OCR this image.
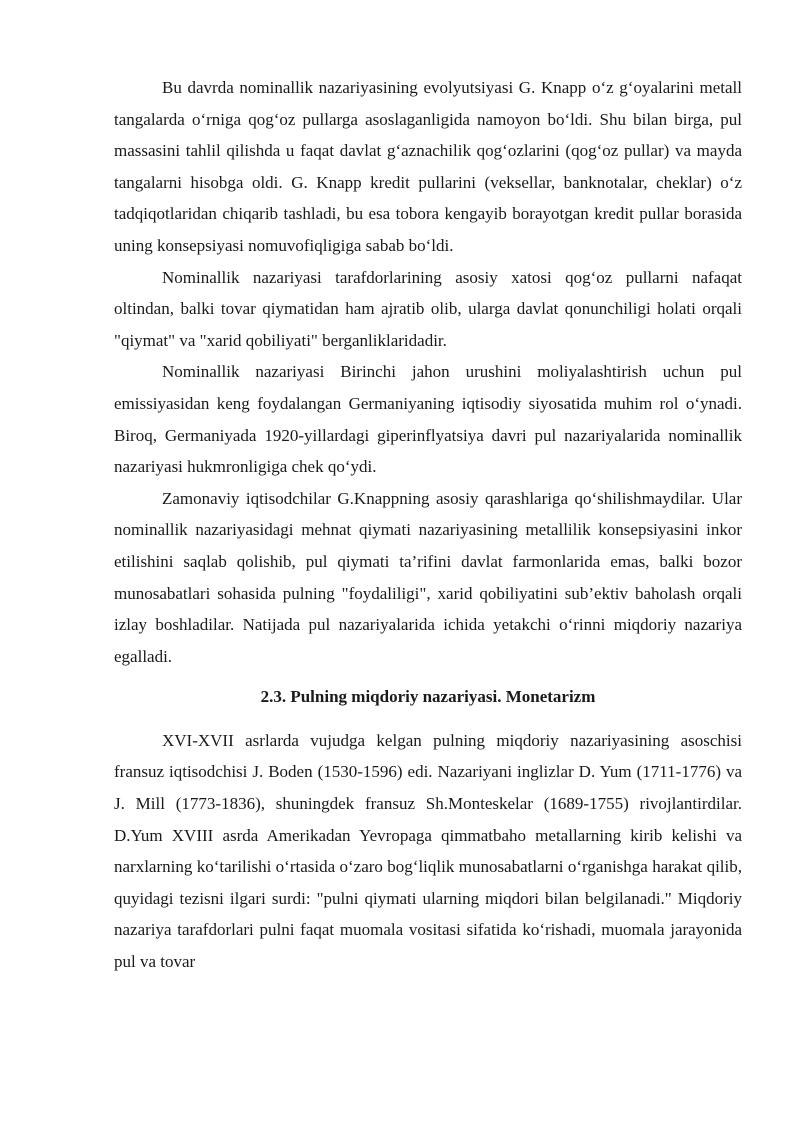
Bu davrda nominallik nazariyasining evolyutsiyasi G. Knapp o‘z g‘oyalarini metall tangalarda o‘rniga qog‘oz pullarga asoslaganligida namoyon bo‘ldi. Shu bilan birga, pul massasini tahlil qilishda u faqat davlat g‘aznachilik qog‘ozlarini (qog‘oz pullar) va mayda tangalarni hisobga oldi. G. Knapp kredit pullarini (veksellar, banknotalar, cheklar) o‘z tadqiqotlaridan chiqarib tashladi, bu esa tobora kengayib borayotgan kredit pullar borasida uning konsepsiyasi nomuvofiqligiga sabab bo‘ldi.

Nominallik nazariyasi tarafdorlarining asosiy xatosi qog‘oz pullarni nafaqat oltindan, balki tovar qiymatidan ham ajratib olib, ularga davlat qonunchiligi holati orqali "qiymat" va "xarid qobiliyati" berganliklaridadir.

Nominallik nazariyasi Birinchi jahon urushini moliyalashtirish uchun pul emissiyasidan keng foydalangan Germaniyaning iqtisodiy siyosatida muhim rol o‘ynadi. Biroq, Germaniyada 1920-yillardagi giperinflyatsiya davri pul nazariyalarida nominallik nazariyasi hukmronligiga chek qo‘ydi.

Zamonaviy iqtisodchilar G.Knappning asosiy qarashlariga qo‘shilishmaydilar. Ular nominallik nazariyasidagi mehnat qiymati nazariyasining metallilik konsepsiyasini inkor etilishini saqlab qolishib, pul qiymati ta’rifini davlat farmonlarida emas, balki bozor munosabatlari sohasida pulning "foydaliligi", xarid qobiliyatini sub’ektiv baholash orqali izlay boshladilar. Natijada pul nazariyalarida ichida yetakchi o‘rinni miqdoriy nazariya egalladi.

2.3. Pulning miqdoriy nazariyasi. Monetarizm

XVI-XVII asrlarda vujudga kelgan pulning miqdoriy nazariyasining asoschisi fransuz iqtisodchisi J. Boden (1530-1596) edi. Nazariyani inglizlar D. Yum (1711-1776) va J. Mill (1773-1836), shuningdek fransuz Sh.Monteskelar (1689-1755) rivojlantirdilar. D.Yum XVIII asrda Amerikadan Yevropaga qimmatbaho metallarning kirib kelishi va narxlarning ko‘tarilishi o‘rtasida o‘zaro bog‘liqlik munosabatlarni o‘rganishga harakat qilib, quyidagi tezisni ilgari surdi: "pulni qiymati ularning miqdori bilan belgilanadi." Miqdoriy nazariya tarafdorlari pulni faqat muomala vositasi sifatida ko‘rishadi, muomala jarayonida pul va tovar
